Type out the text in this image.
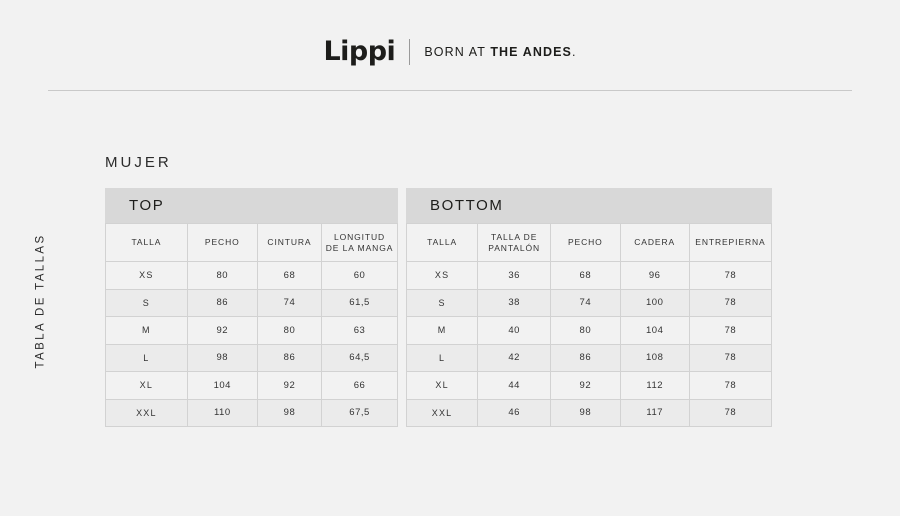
Lippi BORN AT THE ANDES.
TABLA DE TALLAS
MUJER
TOP
TALLA	PECHO	CINTURA	LONGITUD
DE LA MANGA

XS	80	68	60
S	86	74	61,5
M	92	80	63
L	98	86	64,5
XL	104	92	66
XXL	110	98	67,5
BOTTOM
TALLA	TALLA DE
PANTALÓN	PECHO	CADERA	ENTREPIERNA

XS	36	68	96	78
S	38	74	100	78
M	40	80	104	78
L	42	86	108	78
XL	44	92	112	78
XXL	46	98	117	78
